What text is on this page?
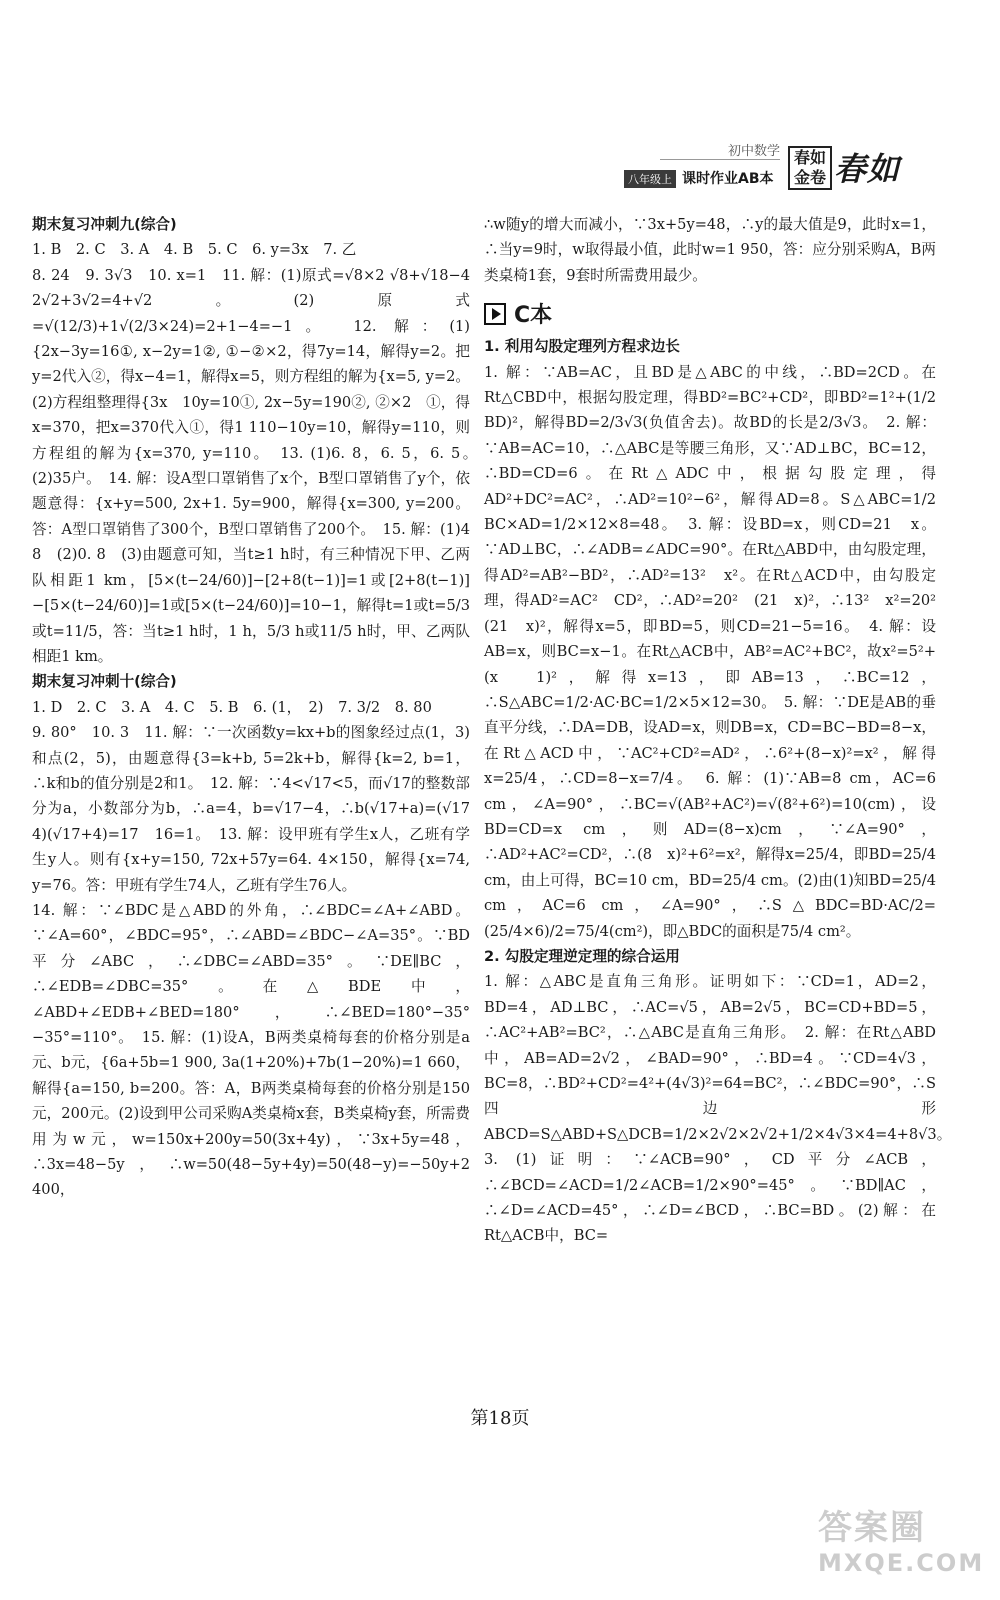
初中数学
八年级上 课时作业AB本
春如金卷 春如
期末复习冲刺九(综合)

1. B　2. C　3. A　4. B　5. C　6. y=3x　7. 乙

8. 24　9. 3√3　10. x=1　11. 解：(1)原式=√8×2 √8+√18−4　2√2+3√2=4+√2。(2)原式=√(12/3)+1√(2/3×24)=2+1−4=−1。　12. 解：(1){2x−3y=16①, x−2y=1②, ①−②×2，得7y=14，解得y=2。把y=2代入②，得x−4=1，解得x=5，则方程组的解为{x=5, y=2。(2)方程组整理得{3x　10y=10①, 2x−5y=190②, ②×2　①，得x=370，把x=370代入①，得1 110−10y=10，解得y=110，则方程组的解为{x=370, y=110。　13. (1)6. 8，6. 5，6. 5。　(2)35户。　14. 解：设A型口罩销售了x个，B型口罩销售了y个，依题意得：{x+y=500, 2x+1. 5y=900，解得{x=300, y=200。答：A型口罩销售了300个，B型口罩销售了200个。　15. 解：(1)4　8　(2)0. 8　(3)由题意可知，当t≥1 h时，有三种情况下甲、乙两队相距1 km，[5×(t−24/60)]−[2+8(t−1)]=1或[2+8(t−1)]−[5×(t−24/60)]=1或[5×(t−24/60)]=10−1，解得t=1或t=5/3或t=11/5，答：当t≥1 h时，1 h，5/3 h或11/5 h时，甲、乙两队相距1 km。

期末复习冲刺十(综合)

1. D　2. C　3. A　4. C　5. B　6. (1，　2)　7. 3/2　8. 80

9. 80°　10. 3　11. 解：∵一次函数y=kx+b的图象经过点(1，3)和点(2，5)，由题意得{3=k+b, 5=2k+b，解得{k=2, b=1，∴k和b的值分别是2和1。　12. 解：∵4<√17<5，而√17的整数部分为a，小数部分为b，∴a=4，b=√17−4，∴b(√17+a)=(√17　4)(√17+4)=17　16=1。　13. 解：设甲班有学生x人，乙班有学生y人。则有{x+y=150, 72x+57y=64. 4×150，解得{x=74, y=76。答：甲班有学生74人，乙班有学生76人。

14. 解：∵∠BDC是△ABD的外角，∴∠BDC=∠A+∠ABD。∵∠A=60°，∠BDC=95°，∴∠ABD=∠BDC−∠A=35°。∵BD平分∠ABC，∴∠DBC=∠ABD=35°。∵DE∥BC，∴∠EDB=∠DBC=35°。在△BDE中，∠ABD+∠EDB+∠BED=180°，∴∠BED=180°−35°−35°=110°。　15. 解：(1)设A，B两类桌椅每套的价格分别是a元、b元，{6a+5b=1 900, 3a(1+20%)+7b(1−20%)=1 660，解得{a=150, b=200。答：A，B两类桌椅每套的价格分别是150元，200元。(2)设到甲公司采购A类桌椅x套，B类桌椅y套，所需费用为w元，w=150x+200y=50(3x+4y)，∵3x+5y=48，∴3x=48−5y，∴w=50(48−5y+4y)=50(48−y)=−50y+2 400，

∴w随y的增大而减小，∵3x+5y=48，∴y的最大值是9，此时x=1，∴当y=9时，w取得最小值，此时w=1 950，答：应分别采购A，B两类桌椅1套，9套时所需费用最少。

C本
1. 利用勾股定理列方程求边长

1. 解：∵AB=AC，且BD是△ABC的中线，∴BD=2CD。在Rt△CBD中，根据勾股定理，得BD²=BC²+CD²，即BD²=1²+(1/2 BD)²，解得BD=2/3√3(负值舍去)。故BD的长是2/3√3。　2. 解：∵AB=AC=10，∴△ABC是等腰三角形，又∵AD⊥BC，BC=12，∴BD=CD=6。在Rt△ADC中，根据勾股定理，得AD²+DC²=AC²，∴AD²=10²−6²，解得AD=8。S△ABC=1/2 BC×AD=1/2×12×8=48。　3. 解：设BD=x，则CD=21　x。∵AD⊥BC，∴∠ADB=∠ADC=90°。在Rt△ABD中，由勾股定理，得AD²=AB²−BD²，∴AD²=13²　x²。在Rt△ACD中，由勾股定理，得AD²=AC²　CD²，∴AD²=20²　(21　x)²，∴13²　x²=20²　(21　x)²，解得x=5，即BD=5，则CD=21−5=16。　4. 解：设AB=x，则BC=x−1。在Rt△ACB中，AB²=AC²+BC²，故x²=5²+(x　1)²，解得x=13，即AB=13，∴BC=12，∴S△ABC=1/2·AC·BC=1/2×5×12=30。　5. 解：∵DE是AB的垂直平分线，∴DA=DB，设AD=x，则DB=x，CD=BC−BD=8−x，在Rt△ACD中，∵AC²+CD²=AD²，∴6²+(8−x)²=x²，解得x=25/4，∴CD=8−x=7/4。　6. 解：(1)∵AB=8 cm，AC=6 cm，∠A=90°，∴BC=√(AB²+AC²)=√(8²+6²)=10(cm)，设BD=CD=x cm，则AD=(8−x)cm，∵∠A=90°，∴AD²+AC²=CD²，∴(8　x)²+6²=x²，解得x=25/4，即BD=25/4 cm，由上可得，BC=10 cm，BD=25/4 cm。(2)由(1)知BD=25/4 cm，AC=6 cm，∠A=90°，∴S△BDC=BD·AC/2=(25/4×6)/2=75/4(cm²)，即△BDC的面积是75/4 cm²。

2. 勾股定理逆定理的综合运用

1. 解：△ABC是直角三角形。证明如下：∵CD=1，AD=2，BD=4，AD⊥BC，∴AC=√5，AB=2√5，BC=CD+BD=5，∴AC²+AB²=BC²，∴△ABC是直角三角形。　2. 解：在Rt△ABD中，AB=AD=2√2，∠BAD=90°，∴BD=4。∵CD=4√3，BC=8，∴BD²+CD²=4²+(4√3)²=64=BC²，∴∠BDC=90°，∴S四边形ABCD=S△ABD+S△DCB=1/2×2√2×2√2+1/2×4√3×4=4+8√3。　3. (1)证明：∵∠ACB=90°，CD平分∠ACB，∴∠BCD=∠ACD=1/2∠ACB=1/2×90°=45°。∵BD∥AC，∴∠D=∠ACD=45°，∴∠D=∠BCD，∴BC=BD。(2)解：在Rt△ACB中，BC=

第18页
答案圈
MXQE.COM
